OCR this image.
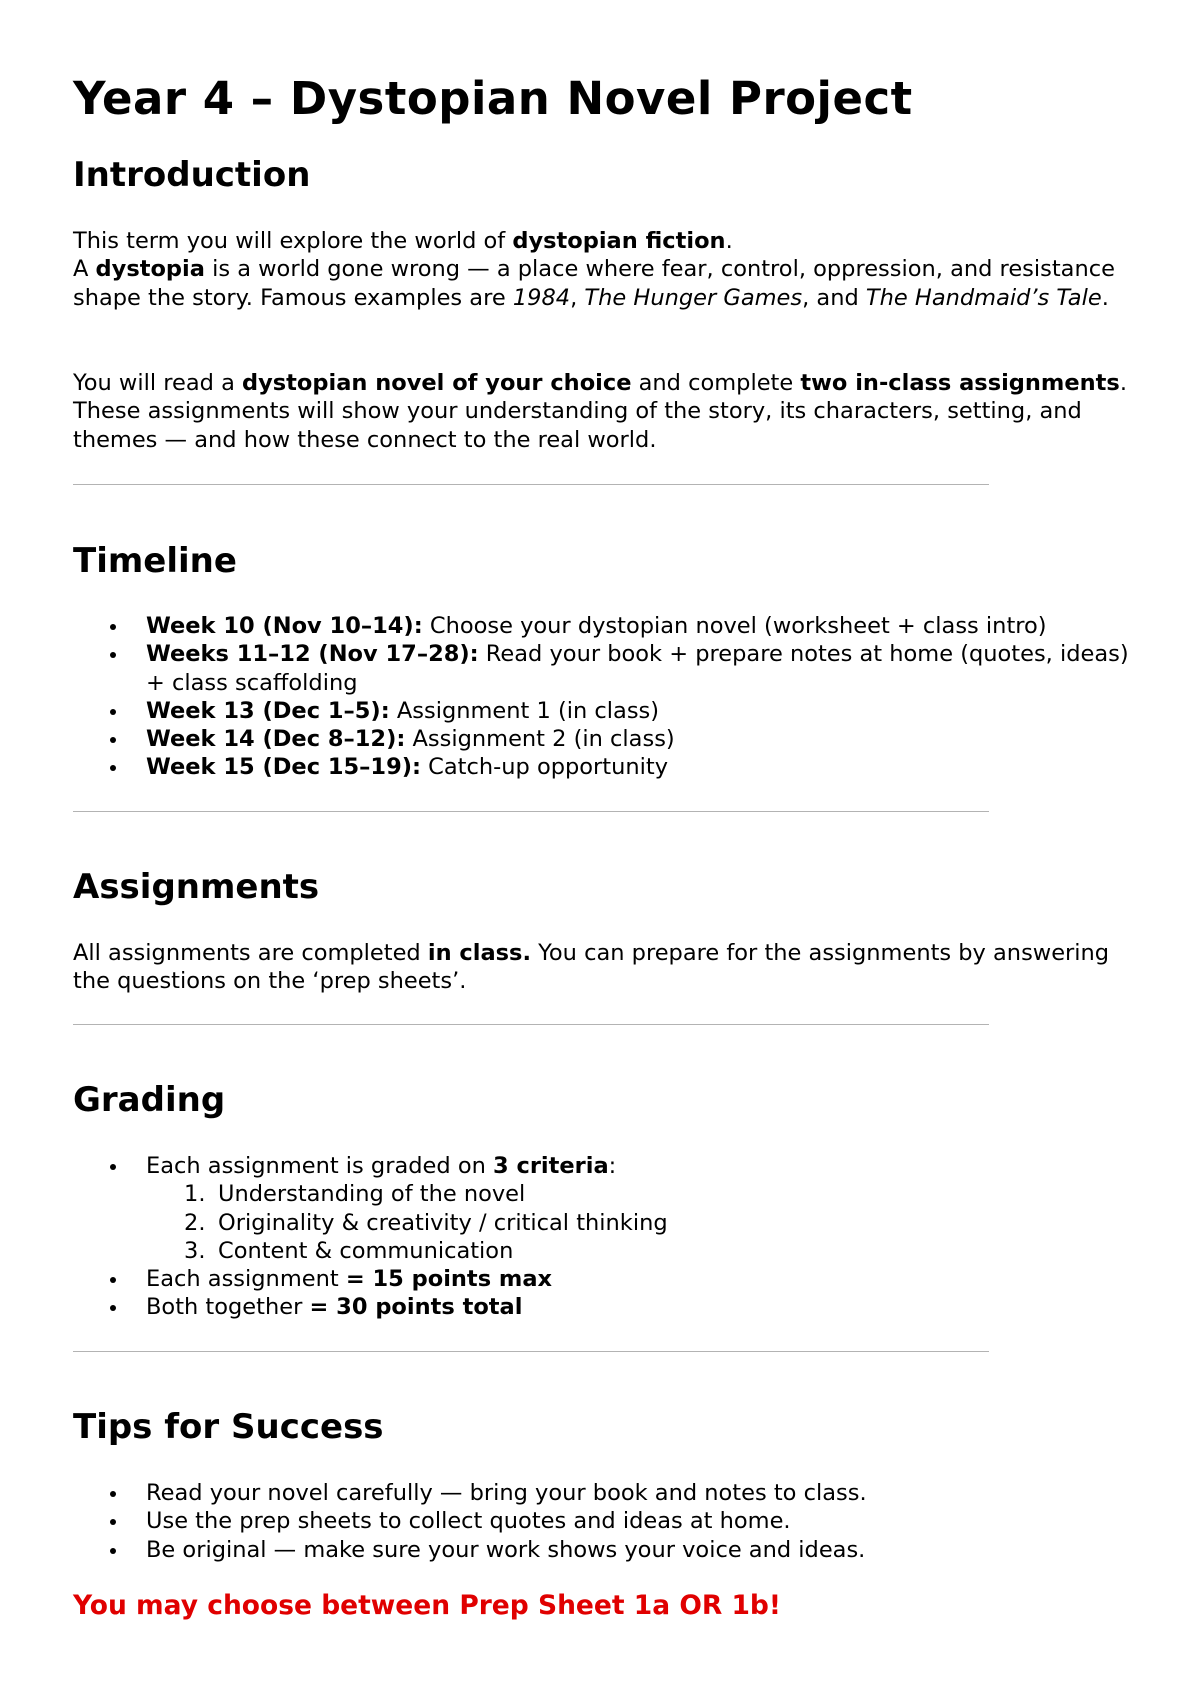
Year 4 – Dystopian Novel Project
Introduction
This term you will explore the world of dystopian fiction.
A dystopia is a world gone wrong — a place where fear, control, oppression, and resistance shape the story. Famous examples are 1984, The Hunger Games, and The Handmaid’s Tale.
You will read a dystopian novel of your choice and complete two in-class assignments. These assignments will show your understanding of the story, its characters, setting, and themes — and how these connect to the real world.
Timeline
Week 10 (Nov 10–14): Choose your dystopian novel (worksheet + class intro)
Weeks 11–12 (Nov 17–28): Read your book + prepare notes at home (quotes, ideas) + class scaffolding
Week 13 (Dec 1–5): Assignment 1 (in class)
Week 14 (Dec 8–12): Assignment 2 (in class)
Week 15 (Dec 15–19): Catch-up opportunity
Assignments
All assignments are completed in class. You can prepare for the assignments by answering the questions on the ‘prep sheets’.
Grading
Each assignment is graded on 3 criteria:
1. Understanding of the novel
2. Originality & creativity / critical thinking
3. Content & communication
Each assignment = 15 points max
Both together = 30 points total
Tips for Success
Read your novel carefully — bring your book and notes to class.
Use the prep sheets to collect quotes and ideas at home.
Be original — make sure your work shows your voice and ideas.

You may choose between Prep Sheet 1a OR 1b!
